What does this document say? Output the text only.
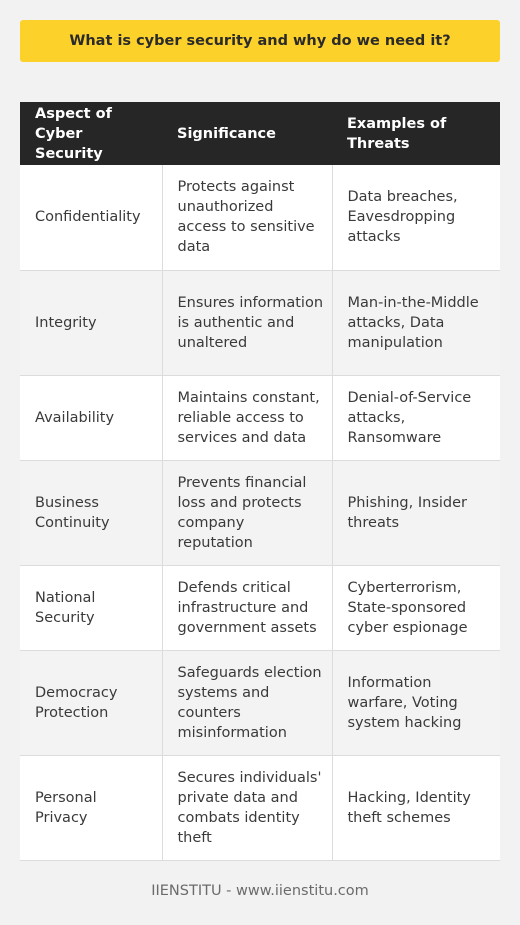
What is cyber security and why do we need it?
Aspect of Cyber Security	Significance	Examples of Threats
Confidentiality	Protects against unauthorized access to sensitive data	Data breaches, Eavesdropping attacks
Integrity	Ensures information is authentic and unaltered	Man-in-the-Middle attacks, Data manipulation
Availability	Maintains constant, reliable access to services and data	Denial-of-Service attacks, Ransomware
Business Continuity	Prevents financial loss and protects company reputation	Phishing, Insider threats
National Security	Defends critical infrastructure and government assets	Cyberterrorism, State-sponsored cyber espionage
Democracy Protection	Safeguards election systems and counters misinformation	Information warfare, Voting system hacking
Personal Privacy	Secures individuals' private data and combats identity theft	Hacking, Identity theft schemes
IIENSTITU - www.iienstitu.com
